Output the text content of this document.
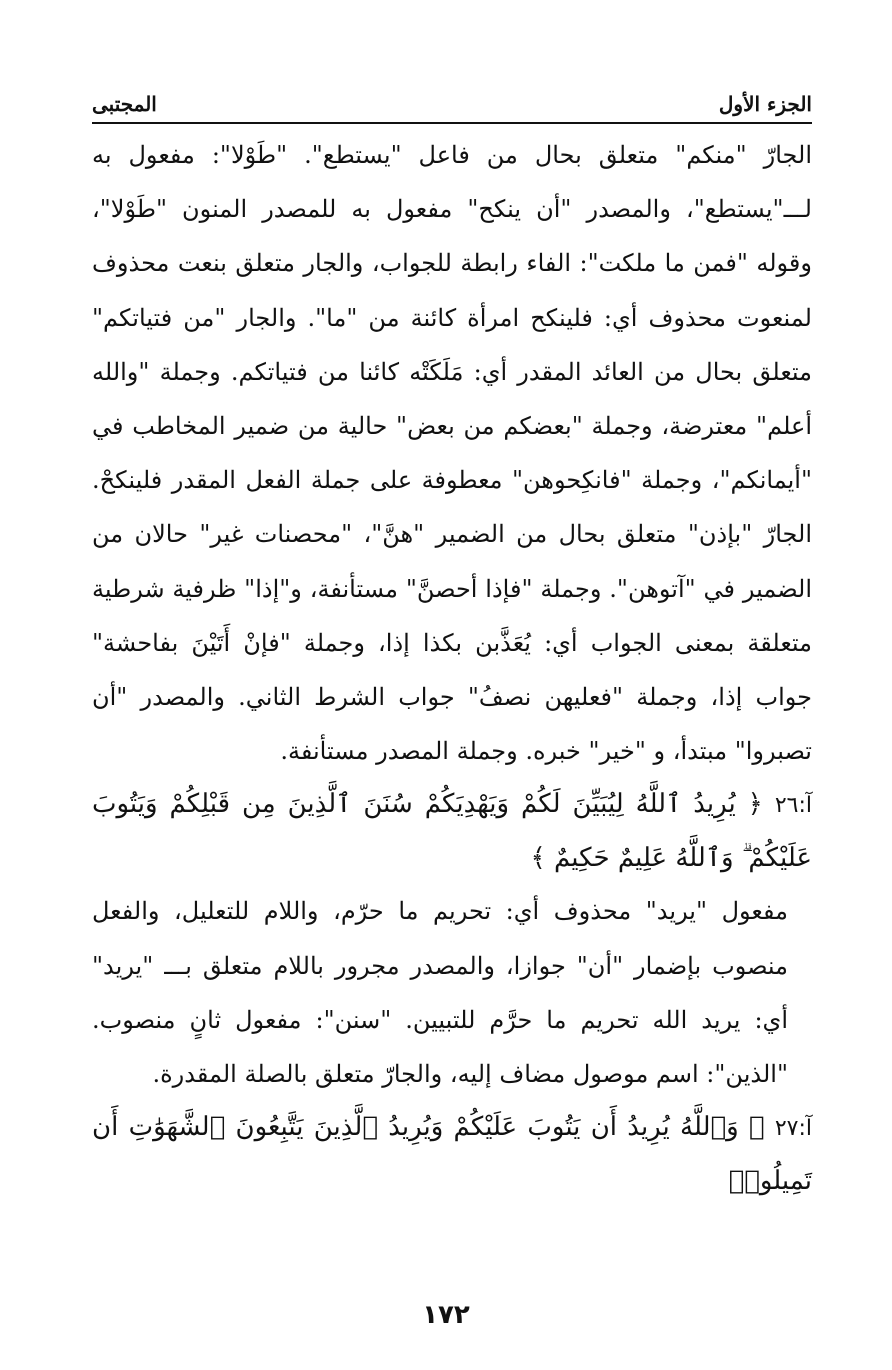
الجزء الأول
المجتبى

الجارّ "منكم" متعلق بحال من فاعل "يستطع". "طَوْلا": مفعول به لـــ"يستطع"، والمصدر "أن ينكح" مفعول به للمصدر المنون "طَوْلا"، وقوله "فمن ما ملكت": الفاء رابطة للجواب، والجار متعلق بنعت محذوف لمنعوت محذوف أي: فلينكح امرأة كائنة من "ما". والجار "من فتياتكم" متعلق بحال من العائد المقدر أي: مَلَكَتْه كائنا من فتياتكم. وجملة "والله أعلم" معترضة، وجملة "بعضكم من بعض" حالية من ضمير المخاطب في "أيمانكم"، وجملة "فانكِحوهن" معطوفة على جملة الفعل المقدر فلينكحْ. الجارّ "بإذن" متعلق بحال من الضمير "هنَّ"، "محصنات غير" حالان من الضمير في "آتوهن". وجملة "فإذا أحصنَّ" مستأنفة، و"إذا" ظرفية شرطية متعلقة بمعنى الجواب أي: يُعَذَّبن بكذا إذا، وجملة "فإنْ أَتَيْنَ بفاحشة" جواب إذا، وجملة "فعليهن نصفُ" جواب الشرط الثاني. والمصدر "أن تصبروا" مبتدأ، و "خير" خبره. وجملة المصدر مستأنفة.

آ:٢٦ ﴿ يُرِيدُ ٱللَّهُ لِيُبَيِّنَ لَكُمْ وَيَهْدِيَكُمْ سُنَنَ ٱلَّذِينَ مِن قَبْلِكُمْ وَيَتُوبَ عَلَيْكُمْ ۗ وَٱللَّهُ عَلِيمٌ حَكِيمٌ ﴾

مفعول "يريد" محذوف أي: تحريم ما حرّم، واللام للتعليل، والفعل منصوب بإضمار "أن" جوازا، والمصدر مجرور باللام متعلق بـــ "يريد" أي: يريد الله تحريم ما حرَّم للتبيين. "سنن": مفعول ثانٍ منصوب. "الذين": اسم موصول مضاف إليه، والجارّ متعلق بالصلة المقدرة.

آ:٢٧ ﴿ وَٱللَّهُ يُرِيدُ أَن يَتُوبَ عَلَيْكُمْ وَيُرِيدُ ٱلَّذِينَ يَتَّبِعُونَ ٱلشَّهَوَٰتِ أَن تَمِيلُوا۟

١٧٢
